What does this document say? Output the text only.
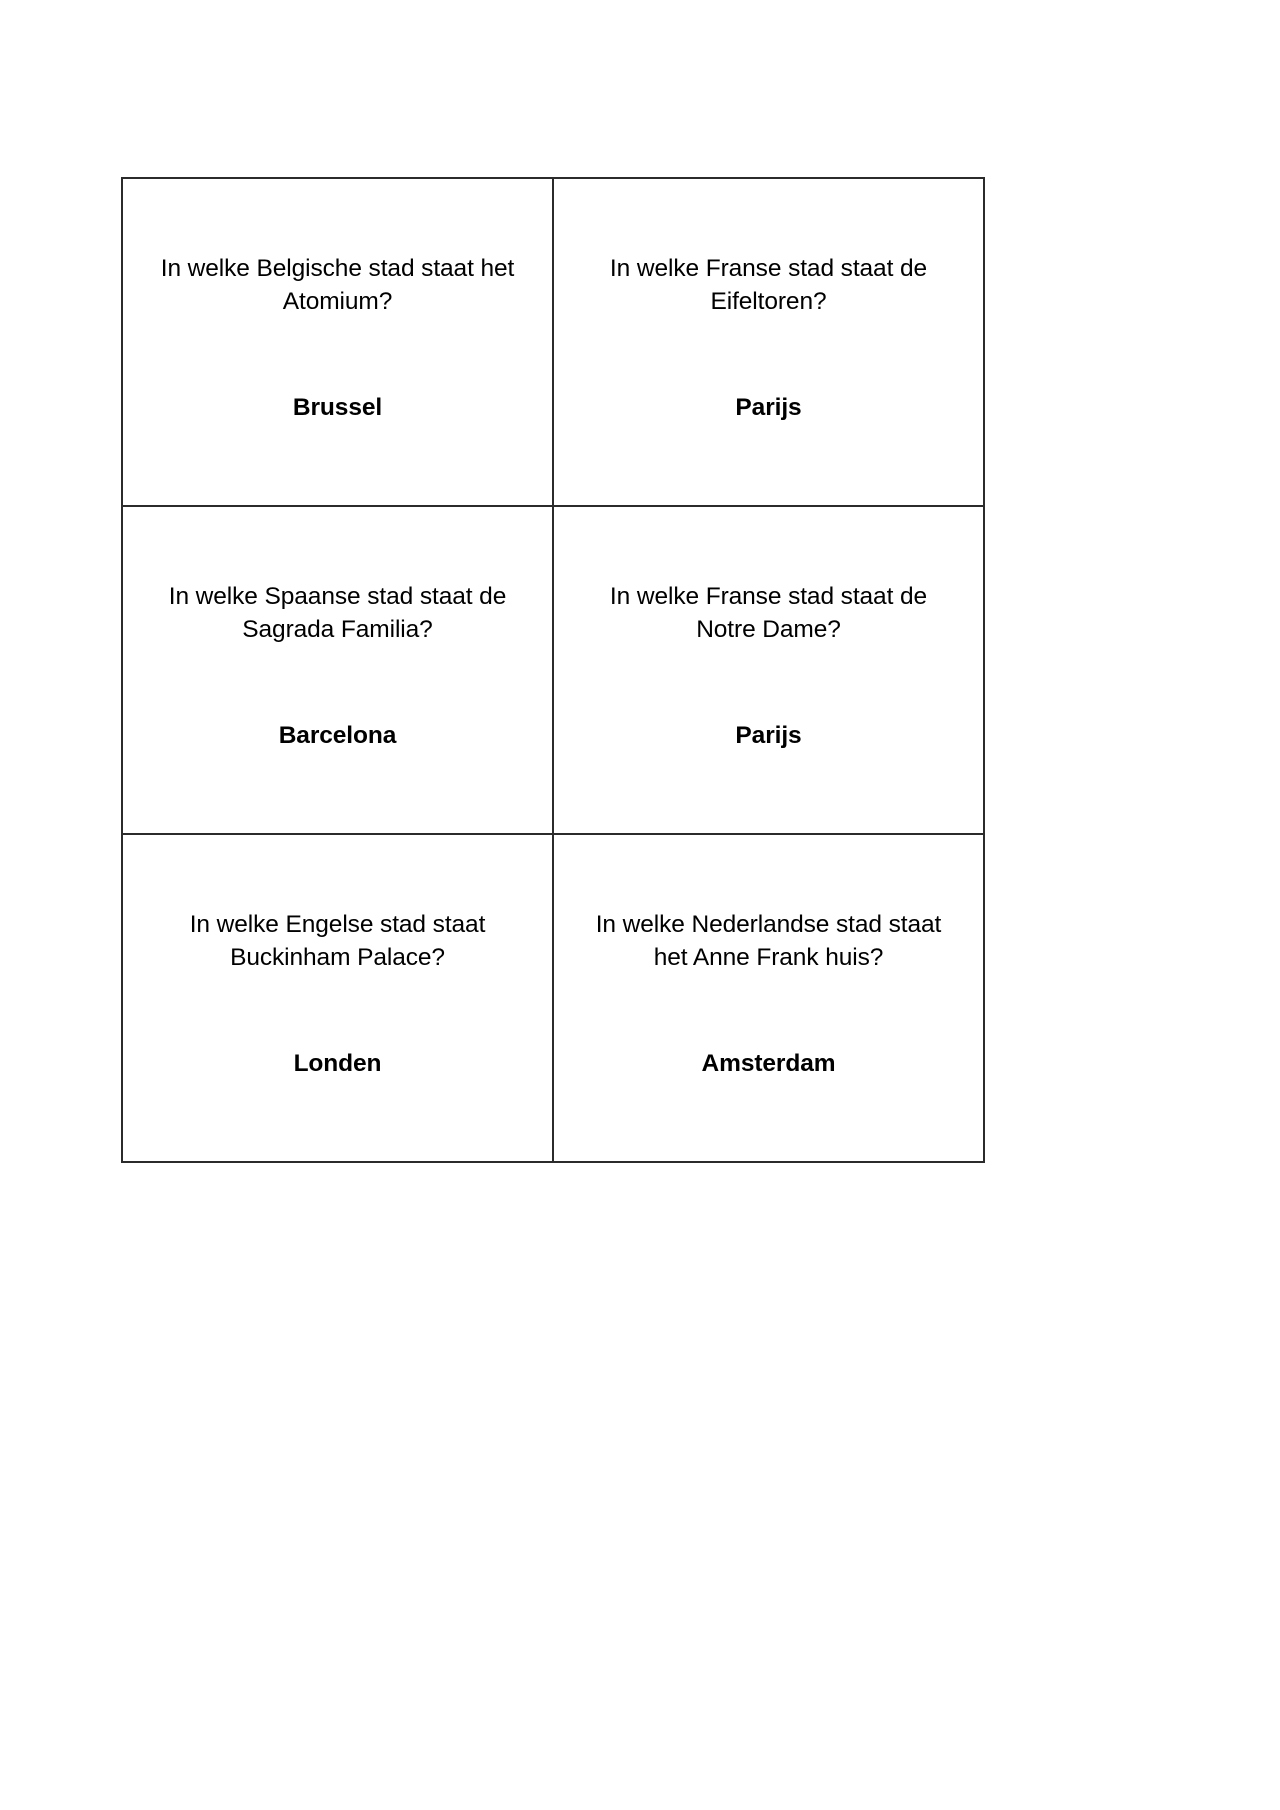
In welke Belgische stad staat het
Atomium?
Brussel

In welke Franse stad staat de
Eifeltoren?
Parijs

In welke Spaanse stad staat de
Sagrada Familia?
Barcelona

In welke Franse stad staat de
Notre Dame?
Parijs

In welke Engelse stad staat
Buckinham Palace?
Londen

In welke Nederlandse stad staat
het Anne Frank huis?
Amsterdam
